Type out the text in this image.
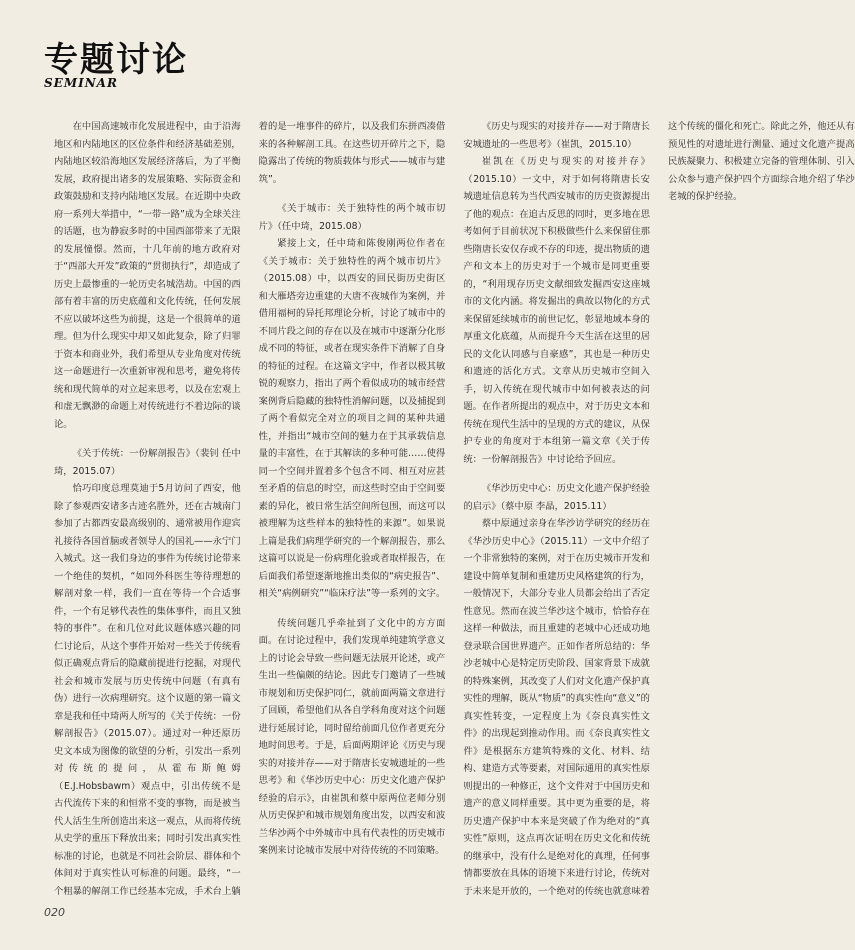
专题讨论
SEMINAR

在中国高速城市化发展进程中，由于沿海地区和内陆地区的区位条件和经济基础差别，内陆地区较沿海地区发展经济落后，为了平衡发展，政府提出诸多的发展策略、实际资金和政策鼓励和支持内陆地区发展。在近期中央政府一系列大举措中，“一带一路”成为全球关注的话题，也为静寂多时的中国西部带来了无限的发展憧憬。然而，十几年前的地方政府对于“西部大开发”政策的“贯彻执行”，却造成了历史上最惨重的一轮历史名城浩劫。中国的西部有着丰富的历史底蕴和文化传统，任何发展不应以破坏这些为前提，这是一个很简单的道理。但为什么现实中却又如此复杂，除了归罪于资本和商业外，我们希望从专业角度对传统这一命题进行一次重新审视和思考，避免将传统和现代简单的对立起来思考，以及在宏观上和虚无飘渺的命题上对传统进行不着边际的谈论。

《关于传统：一份解剖报告》（裴钊 任中琦，2015.07）

恰巧印度总理莫迪于5月访问了西安，他除了参观西安诸多古迹名胜外，还在古城南门参加了古都西安最高级别的、通常被用作迎宾礼接待各国首脑或者领导人的国礼——永宁门入城式。这一我们身边的事件为传统讨论带来一个绝佳的契机，“如同外科医生等待理想的解剖对象一样，我们一直在等待一个合适事件，一个有足够代表性的集体事件，而且又独特的事件”。在和几位对此议题体感兴趣的同仁讨论后，从这个事件开始对一些关于传统看似正确观点背后的隐藏前提进行挖掘，对现代社会和城市发展与历史传统中问题（有真有伪）进行一次病理研究。这个议题的第一篇文章是我和任中琦两人所写的《关于传统：一份解剖报告》（2015.07）。通过对一种还原历史文本成为图像的欲望的分析，引发出一系列对传统的提问，从霍布斯鲍姆（E.J.Hobsbawm）观点中，引出传统不是古代流传下来的和恒常不变的事物，而是被当代人活生生所创造出来这一观点，从而将传统从史学的重压下释放出来；同时引发出真实性标准的讨论，也就是不同社会阶层、群体和个体间对于真实性认可标准的问题。最终，“一个粗暴的解剖工作已经基本完成，手术台上躺着的是一堆事件的碎片，以及我们东拼西凑借来的各种解剖工具。在这些切开碎片之下，隐隐露出了传统的物质载体与形式——城市与建筑”。

《关于城市：关于独特性的两个城市切片》（任中琦，2015.08）

紧接上文，任中琦和陈俊刚两位作者在《关于城市：关于独特性的两个城市切片》（2015.08）中，以西安的回民街历史街区和大雁塔旁边重建的大唐不夜城作为案例，并借用福柯的异托邦理论分析，讨论了城市中的不同片段之间的存在以及在城市中逐渐分化形成不同的特征，或者在现实条件下消解了自身的特征的过程。在这篇文字中，作者以极其敏锐的观察力，指出了两个看似成功的城市经营案例背后隐藏的独特性消解问题，以及捕捉到了两个看似完全对立的项目之间的某种共通性，并指出“城市空间的魅力在于其承载信息量的丰富性，在于其解读的多种可能……使得同一个空间并置着多个包含不同、相互对应甚至矛盾的信息的时空，而这些时空由于空间要素的异化，被日常生活空间所包围，而这可以被理解为这些样本的独特性的来源”。如果说上篇是我们病理学研究的一个解剖报告，那么这篇可以说是一份病理化验或者取样报告，在后面我们希望逐渐地推出类似的“病史报告”、相关“病例研究”“临床疗法”等一系列的文字。

传统问题几乎牵扯到了文化中的方方面面。在讨论过程中，我们发现单纯建筑学意义上的讨论会导致一些问题无法展开论述，或产生出一些偏颇的结论。因此专门邀请了一些城市规划和历史保护同仁，就前面两篇文章进行了回顾，希望他们从各自学科角度对这个问题进行延展讨论，同时留给前面几位作者更充分地时间思考。于是，后面两期评论《历史与现实的对接并存——对于隋唐长安城遗址的一些思考》和《华沙历史中心：历史文化遗产保护经验的启示》，由崔凯和蔡中原两位老师分别从历史保护和城市规划角度出发，以西安和波兰华沙两个中外城市中具有代表性的历史城市案例来讨论城市发展中对待传统的不同策略。

《历史与现实的对接并存——对于隋唐长安城遗址的一些思考》（崔凯，2015.10）

崔凯在《历史与现实的对接并存》（2015.10）一文中，对于如何将隋唐长安城遗址信息转为当代西安城市的历史资源提出了他的观点：在追古反思的同时，更多地在思考如何于目前状况下积极做些什么来保留住那些隋唐长安仅存或不存的印迹，提出物质的遗产和文本上的历史对于一个城市是同更重要的，“利用现存历史文献细致发掘西安这座城市的文化内涵。将发掘出的典故以物化的方式来保留延续城市的前世记忆，彰显地域本身的厚重文化底蕴，从而提升今天生活在这里的居民的文化认同感与自豪感”，其也是一种历史和遗迹的活化方式。文章从历史城市空间入手，切入传统在现代城市中如何被表达的问题。在作者所提出的观点中，对于历史文本和传统在现代生活中的呈现的方式的建议，从保护专业的角度对于本组第一篇文章《关于传统：一份解剖报告》中讨论给予回应。

《华沙历史中心：历史文化遗产保护经验的启示》（蔡中原 李晶，2015.11）

蔡中原通过亲身在华沙访学研究的经历在《华沙历史中心》（2015.11）一文中介绍了一个非常独特的案例，对于在历史城市开发和建设中简单复制和重建历史风格建筑的行为，一般情况下，大部分专业人员都会给出了否定性意见。然而在波兰华沙这个城市，恰恰存在这样一种做法，而且重建的老城中心还成功地登录联合国世界遗产。正如作者所总结的：华沙老城中心是特定历史阶段、国家背景下成就的特殊案例，其改变了人们对文化遗产保护真实性的理解，既从“物质”的真实性向“意义”的真实性转变，一定程度上为《奈良真实性文件》的出现起到推动作用。而《奈良真实性文件》是根据东方建筑特殊的文化、材料、结构、建造方式等要素，对国际通用的真实性原则提出的一种修正，这个文件对于中国历史和遗产的意义同样重要。其中更为重要的是，将历史遗产保护中本来是突破了作为绝对的“真实性”原则，这点再次证明在历史文化和传统的继承中，没有什么是绝对化的真理，任何事情都要放在具体的语境下来进行讨论，传统对于未来是开放的，一个绝对的传统也就意味着这个传统的僵化和死亡。除此之外，他还从有预见性的对遗址进行测量、通过文化遗产提高民族凝聚力、积极建立完备的管理体制、引入公众参与遗产保护四个方面综合地介绍了华沙老城的保护经验。

020
